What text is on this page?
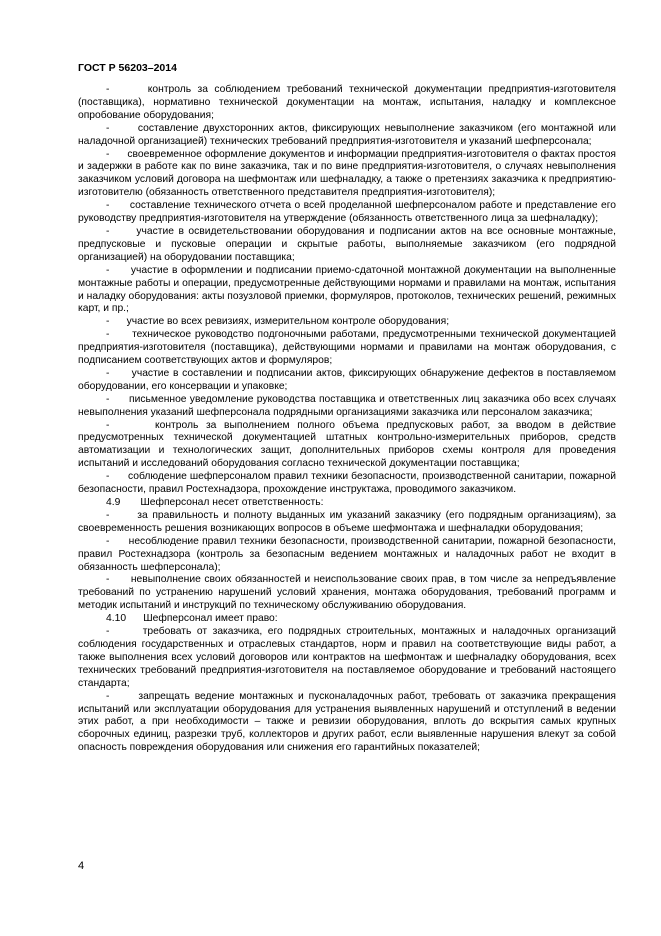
ГОСТ Р 56203–2014

-      контроль за соблюдением требований технической документации предприятия-изготовителя (поставщика), нормативно технической документации на монтаж, испытания, наладку и комплексное опробование оборудования;

-      составление двухсторонних актов, фиксирующих невыполнение заказчиком (его монтажной или наладочной организацией) технических требований предприятия-изготовителя и указаний шефперсонала;

-      своевременное оформление документов и информации предприятия-изготовителя о фактах простоя и задержки в работе как по вине заказчика, так и по вине предприятия-изготовителя, о случаях невыполнения заказчиком условий договора на шефмонтаж или шефналадку, а также о претензиях заказчика к предприятию-изготовителю (обязанность ответственного представителя предприятия-изготовителя);

-      составление технического отчета о всей проделанной шефперсоналом работе и представление его руководству предприятия-изготовителя на утверждение (обязанность ответственного лица за шефналадку);

-      участие в освидетельствовании оборудования и подписании актов на все основные монтажные, предпусковые и пусковые операции и скрытые работы, выполняемые заказчиком (его подрядной организацией) на оборудовании поставщика;

-      участие в оформлении и подписании приемо-сдаточной монтажной документации на выполненные монтажные работы и операции, предусмотренные действующими нормами и правилами на монтаж, испытания и наладку оборудования: акты позузловой приемки, формуляров, протоколов, технических решений, режимных карт, и пр.;

-      участие во всех ревизиях, измерительном контроле оборудования;

-      техническое руководство подгоночными работами, предусмотренными технической документацией предприятия-изготовителя (поставщика), действующими нормами и правилами на монтаж оборудования, с подписанием соответствующих актов и формуляров;

-      участие в составлении и подписании актов, фиксирующих обнаружение дефектов в поставляемом оборудовании, его консервации и упаковке;

-      письменное уведомление руководства поставщика и ответственных лиц заказчика обо всех случаях невыполнения указаний шефперсонала подрядными организациями заказчика или персоналом заказчика;

-      контроль за выполнением полного объема предпусковых работ, за вводом в действие предусмотренных технической документацией штатных контрольно-измерительных приборов, средств автоматизации и технологических защит, дополнительных приборов схемы контроля для проведения испытаний и исследований оборудования согласно технической документации поставщика;

-      соблюдение шефперсоналом правил техники безопасности, производственной санитарии, пожарной безопасности, правил Ростехнадзора, прохождение инструктажа, проводимого заказчиком.

4.9       Шефперсонал несет ответственность:

-      за правильность и полноту выданных им указаний заказчику (его подрядным организациям), за своевременность решения возникающих вопросов в объеме шефмонтажа и шефналадки оборудования;

-      несоблюдение правил техники безопасности, производственной санитарии, пожарной безопасности, правил Ростехнадзора (контроль за безопасным ведением монтажных и наладочных работ не входит в обязанность шефперсонала);

-      невыполнение своих обязанностей и неиспользование своих прав, в том числе за непредъявление требований по устранению нарушений условий хранения, монтажа оборудования, требований программ и методик испытаний и инструкций по техническому обслуживанию оборудования.

4.10      Шефперсонал имеет право:

-      требовать от заказчика, его подрядных строительных, монтажных и наладочных организаций соблюдения государственных и отраслевых стандартов, норм и правил на соответствующие виды работ, а также выполнения всех условий договоров или контрактов на шефмонтаж и шефналадку оборудования, всех технических требований предприятия-изготовителя на поставляемое оборудование и требований настоящего стандарта;

-      запрещать ведение монтажных и пусконаладочных работ, требовать от заказчика прекращения испытаний или эксплуатации оборудования для устранения выявленных нарушений и отступлений в ведении этих работ, а при необходимости – также и ревизии оборудования, вплоть до вскрытия самых крупных сборочных единиц, разрезки труб, коллекторов и других работ, если выявленные нарушения влекут за собой опасность повреждения оборудования или снижения его гарантийных показателей;

4
